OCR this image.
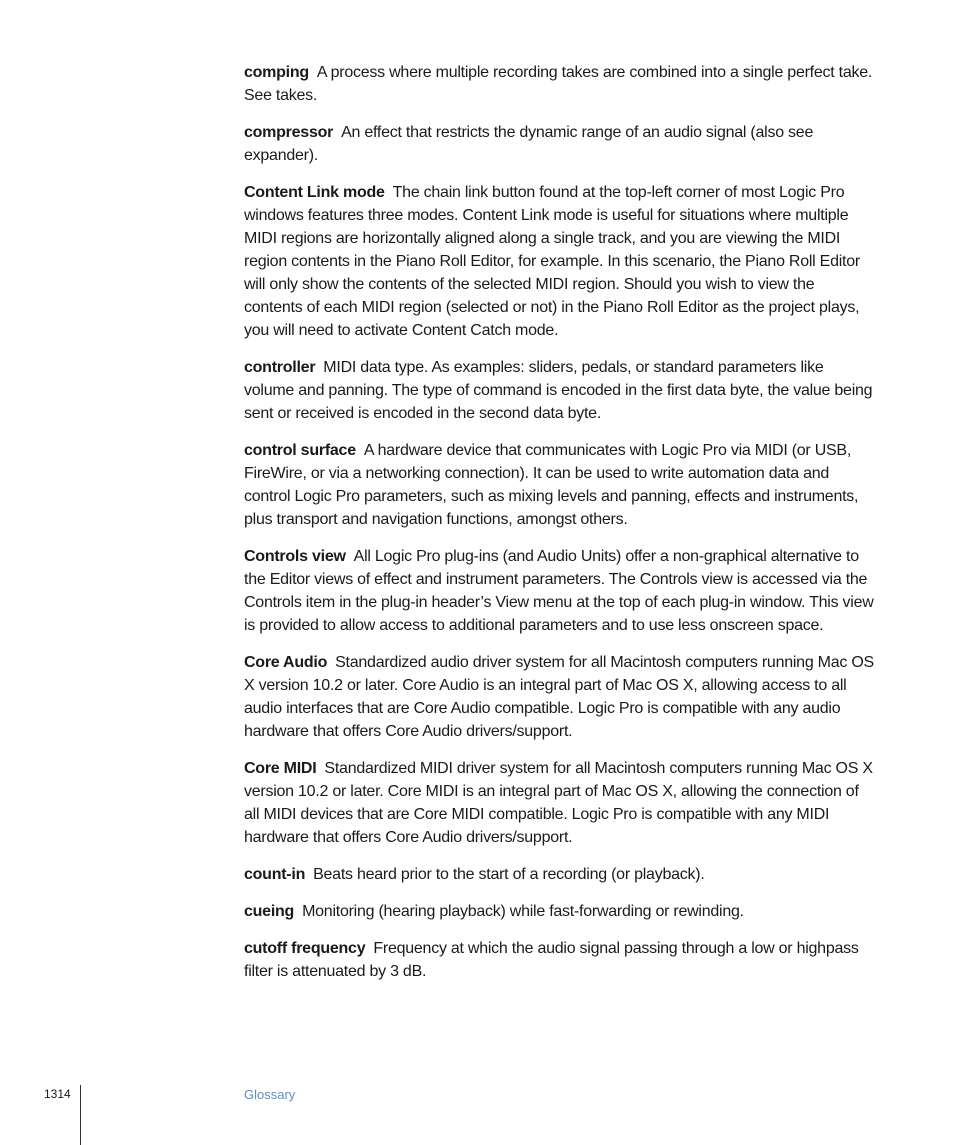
comping A process where multiple recording takes are combined into a single perfect take. See takes.

compressor An effect that restricts the dynamic range of an audio signal (also see expander).

Content Link mode The chain link button found at the top-left corner of most Logic Pro windows features three modes. Content Link mode is useful for situations where multiple MIDI regions are horizontally aligned along a single track, and you are viewing the MIDI region contents in the Piano Roll Editor, for example. In this scenario, the Piano Roll Editor will only show the contents of the selected MIDI region. Should you wish to view the contents of each MIDI region (selected or not) in the Piano Roll Editor as the project plays, you will need to activate Content Catch mode.

controller MIDI data type. As examples: sliders, pedals, or standard parameters like volume and panning. The type of command is encoded in the first data byte, the value being sent or received is encoded in the second data byte.

control surface A hardware device that communicates with Logic Pro via MIDI (or USB, FireWire, or via a networking connection). It can be used to write automation data and control Logic Pro parameters, such as mixing levels and panning, effects and instruments, plus transport and navigation functions, amongst others.

Controls view All Logic Pro plug-ins (and Audio Units) offer a non-graphical alternative to the Editor views of effect and instrument parameters. The Controls view is accessed via the Controls item in the plug-in header’s View menu at the top of each plug-in window. This view is provided to allow access to additional parameters and to use less onscreen space.

Core Audio Standardized audio driver system for all Macintosh computers running Mac OS X version 10.2 or later. Core Audio is an integral part of Mac OS X, allowing access to all audio interfaces that are Core Audio compatible. Logic Pro is compatible with any audio hardware that offers Core Audio drivers/support.

Core MIDI Standardized MIDI driver system for all Macintosh computers running Mac OS X version 10.2 or later. Core MIDI is an integral part of Mac OS X, allowing the connection of all MIDI devices that are Core MIDI compatible. Logic Pro is compatible with any MIDI hardware that offers Core Audio drivers/support.

count-in Beats heard prior to the start of a recording (or playback).

cueing Monitoring (hearing playback) while fast-forwarding or rewinding.

cutoff frequency Frequency at which the audio signal passing through a low or highpass filter is attenuated by 3 dB.

1314	Glossary
